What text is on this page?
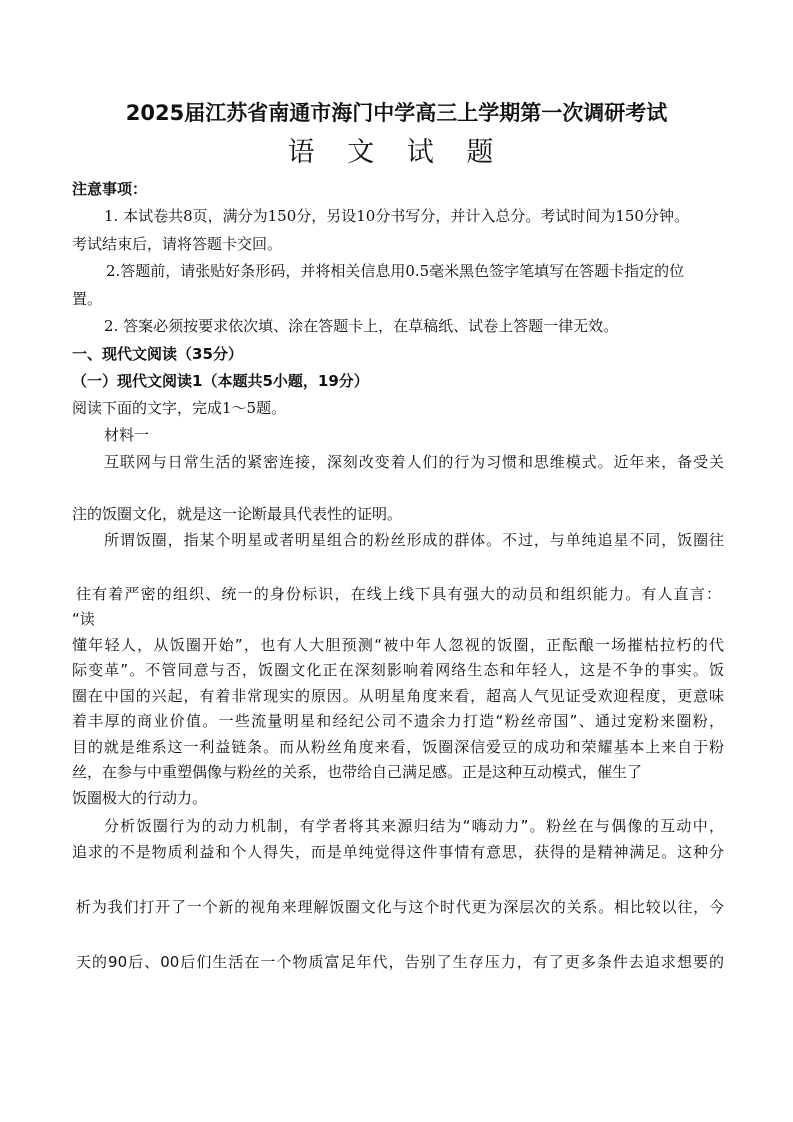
2025届江苏省南通市海门中学高三上学期第一次调研考试
语 文 试 题
注意事项：
1. 本试卷共8页，满分为150分，另设10分书写分，并计入总分。考试时间为150分钟。
考试结束后，请将答题卡交回。
2.答题前，请张贴好条形码，并将相关信息用0.5毫米黑色签字笔填写在答题卡指定的位
置。
2. 答案必须按要求依次填、涂在答题卡上，在草稿纸、试卷上答题一律无效。
一、现代文阅读（35分）
（一）现代文阅读1（本题共5小题，19分）
阅读下面的文字，完成1～5题。
材料一
互联网与日常生活的紧密连接，深刻改变着人们的行为习惯和思维模式。近年来，备受关
注的饭圈文化，就是这一论断最具代表性的证明。
所谓饭圈，指某个明星或者明星组合的粉丝形成的群体。不过，与单纯追星不同，饭圈往
往有着严密的组织、统一的身份标识，在线上线下具有强大的动员和组织能力。有人直言：
“读
懂年轻人，从饭圈开始”，也有人大胆预测“被中年人忽视的饭圈，正酝酿一场摧枯拉朽的代
际变革”。不管同意与否，饭圈文化正在深刻影响着网络生态和年轻人，这是不争的事实。饭
圈在中国的兴起，有着非常现实的原因。从明星角度来看，超高人气见证受欢迎程度，更意味
着丰厚的商业价值。一些流量明星和经纪公司不遗余力打造“粉丝帝国”、通过宠粉来圈粉，
目的就是维系这一利益链条。而从粉丝角度来看，饭圈深信爱豆的成功和荣耀基本上来自于粉
丝，在参与中重塑偶像与粉丝的关系，也带给自己满足感。正是这种互动模式，催生了
饭圈极大的行动力。
分析饭圈行为的动力机制，有学者将其来源归结为“嗨动力”。粉丝在与偶像的互动中，
追求的不是物质利益和个人得失，而是单纯觉得这件事情有意思，获得的是精神满足。这种分
析为我们打开了一个新的视角来理解饭圈文化与这个时代更为深层次的关系。相比较以往，今
天的90后、00后们生活在一个物质富足年代，告别了生存压力，有了更多条件去追求想要的
